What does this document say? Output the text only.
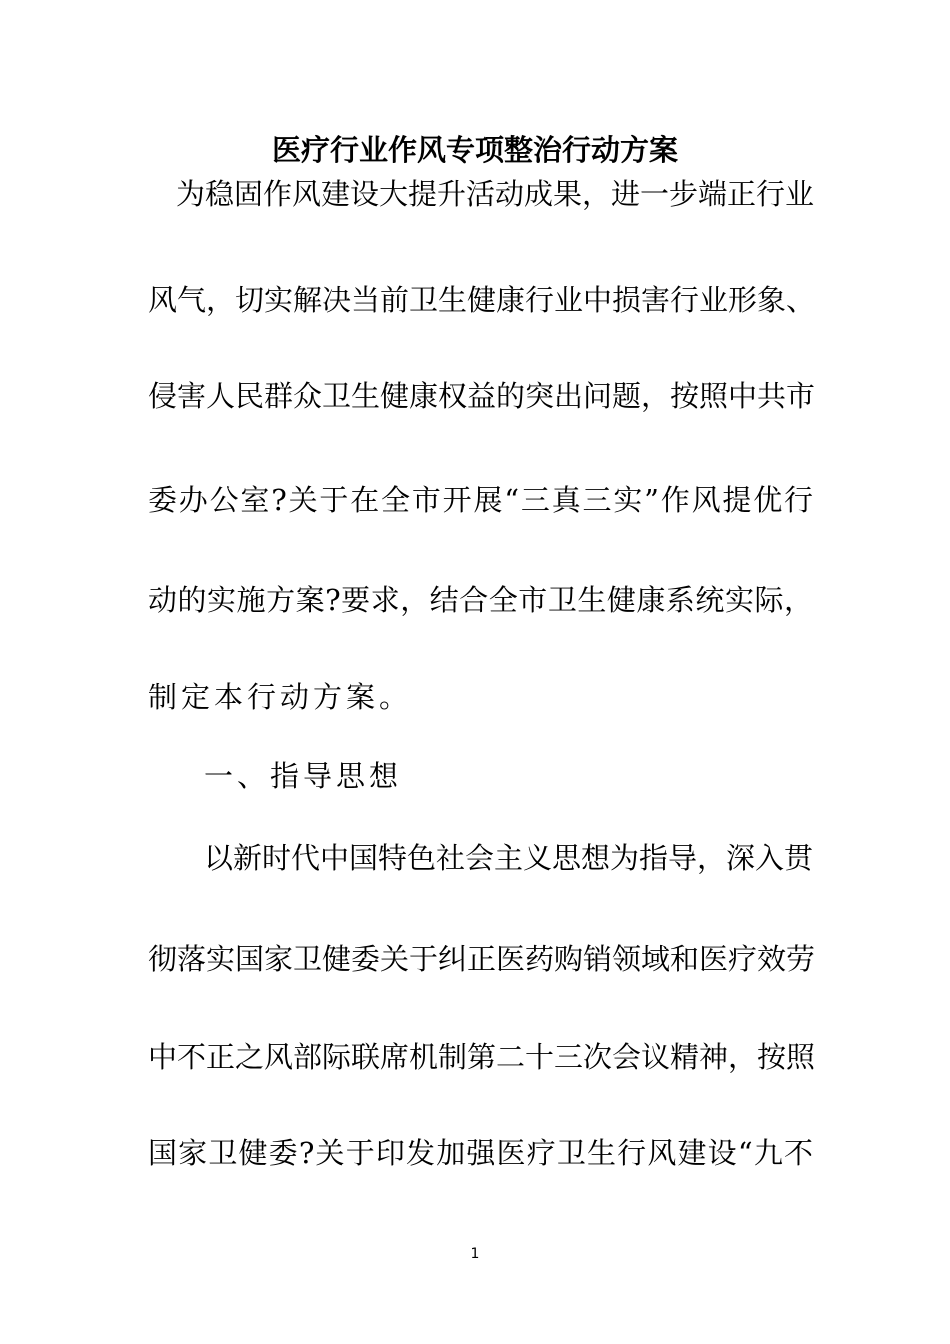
医疗行业作风专项整治行动方案
为稳固作风建设大提升活动成果，进一步端正行业
风气，切实解决当前卫生健康行业中损害行业形象、
侵害人民群众卫生健康权益的突出问题，按照中共市
委办公室?关于在全市开展“三真三实”作风提优行
动的实施方案?要求，结合全市卫生健康系统实际，
制定本行动方案。
一、指导思想
以新时代中国特色社会主义思想为指导，深入贯
彻落实国家卫健委关于纠正医药购销领域和医疗效劳
中不正之风部际联席机制第二十三次会议精神，按照
国家卫健委?关于印发加强医疗卫生行风建设“九不
1
